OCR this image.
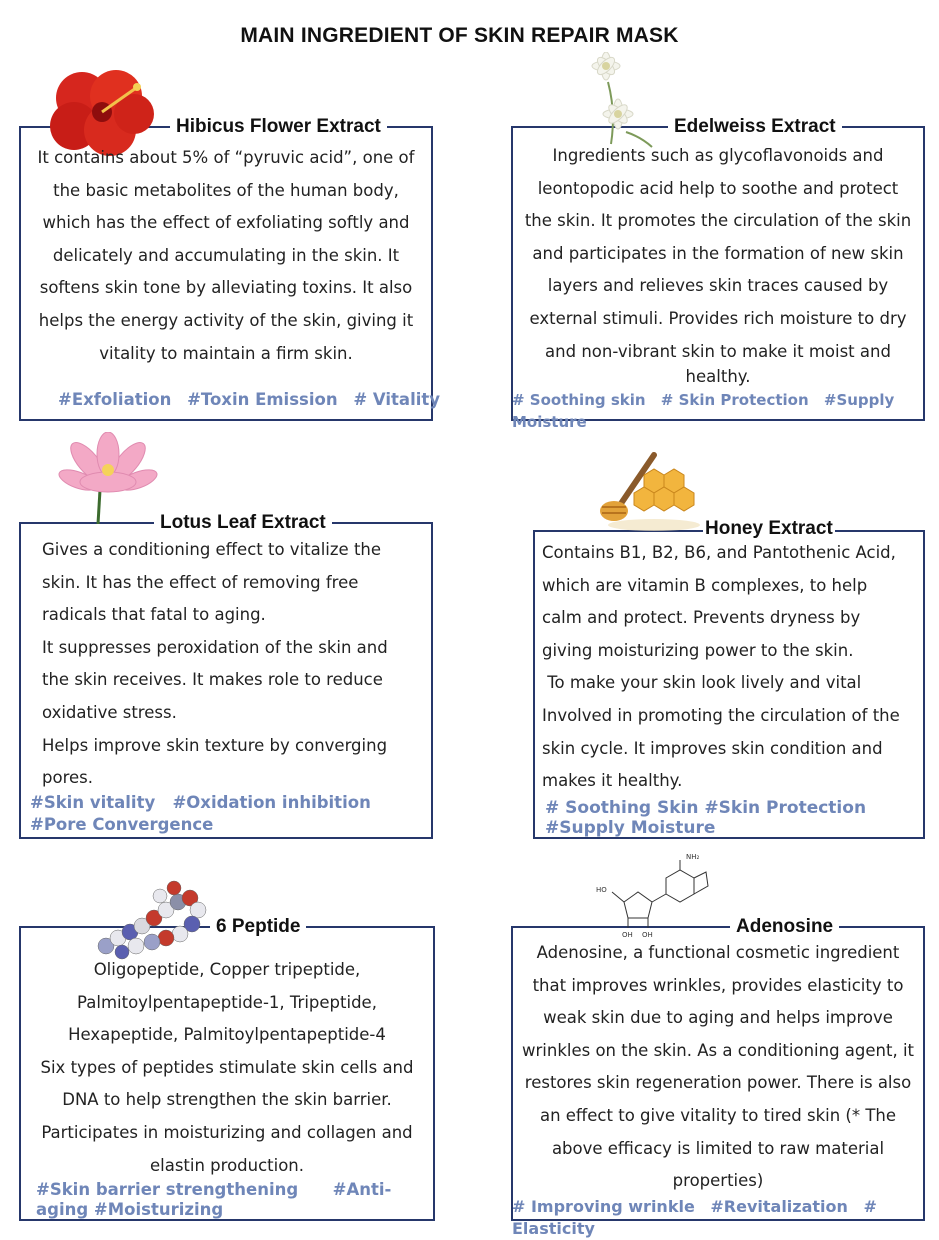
MAIN INGREDIENT OF SKIN REPAIR MASK
Hibicus Flower Extract

It contains about 5% of “pyruvic acid”, one of

the basic metabolites of the human body,

which has the effect of exfoliating softly and

delicately and accumulating in the skin. It

softens skin tone by alleviating toxins. It also

helps the energy activity of the skin, giving it

vitality to maintain a firm skin.

#Exfoliation #Toxin Emission # Vitality
Edelweiss Extract

Ingredients such as glycoflavonoids and

leontopodic acid help to soothe and protect

the skin. It promotes the circulation of the skin

and participates in the formation of new skin

layers and relieves skin traces caused by

external stimuli. Provides rich moisture to dry

and non-vibrant skin to make it moist and

healthy.

# Soothing skin # Skin Protection #Supply Moisture
Lotus Leaf Extract

Gives a conditioning effect to vitalize the

skin. It has the effect of removing free

radicals that fatal to aging.

It suppresses peroxidation of the skin and

the skin receives. It makes role to reduce

oxidative stress.

Helps improve skin texture by converging

pores.

#Skin vitality   #Oxidation inhibition   #Pore Convergence
Honey Extract

Contains B1, B2, B6, and Pantothenic Acid,

which are vitamin B complexes, to help

calm and protect. Prevents dryness by

giving moisturizing power to the skin.

To make your skin look lively and vital

Involved in promoting the circulation of the

skin cycle. It improves skin condition and

makes it healthy.

# Soothing Skin #Skin Protection #Supply Moisture
6 Peptide

Oligopeptide, Copper tripeptide,

Palmitoylpentapeptide-1, Tripeptide,

Hexapeptide, Palmitoylpentapeptide-4

Six types of peptides stimulate skin cells and

DNA to help strengthen the skin barrier.

Participates in moisturizing and collagen and

elastin production.

#Skin barrier strengthening      #Anti-aging #Moisturizing
NH₂
HO
OH OH	Adenosine

Adenosine, a functional cosmetic ingredient

that improves wrinkles, provides elasticity to

weak skin due to aging and helps improve

wrinkles on the skin. As a conditioning agent, it

restores skin regeneration power. There is also

an effect to give vitality to tired skin (* The

above efficacy is limited to raw material

properties)

# Improving wrinkle #Revitalization # Elasticity
